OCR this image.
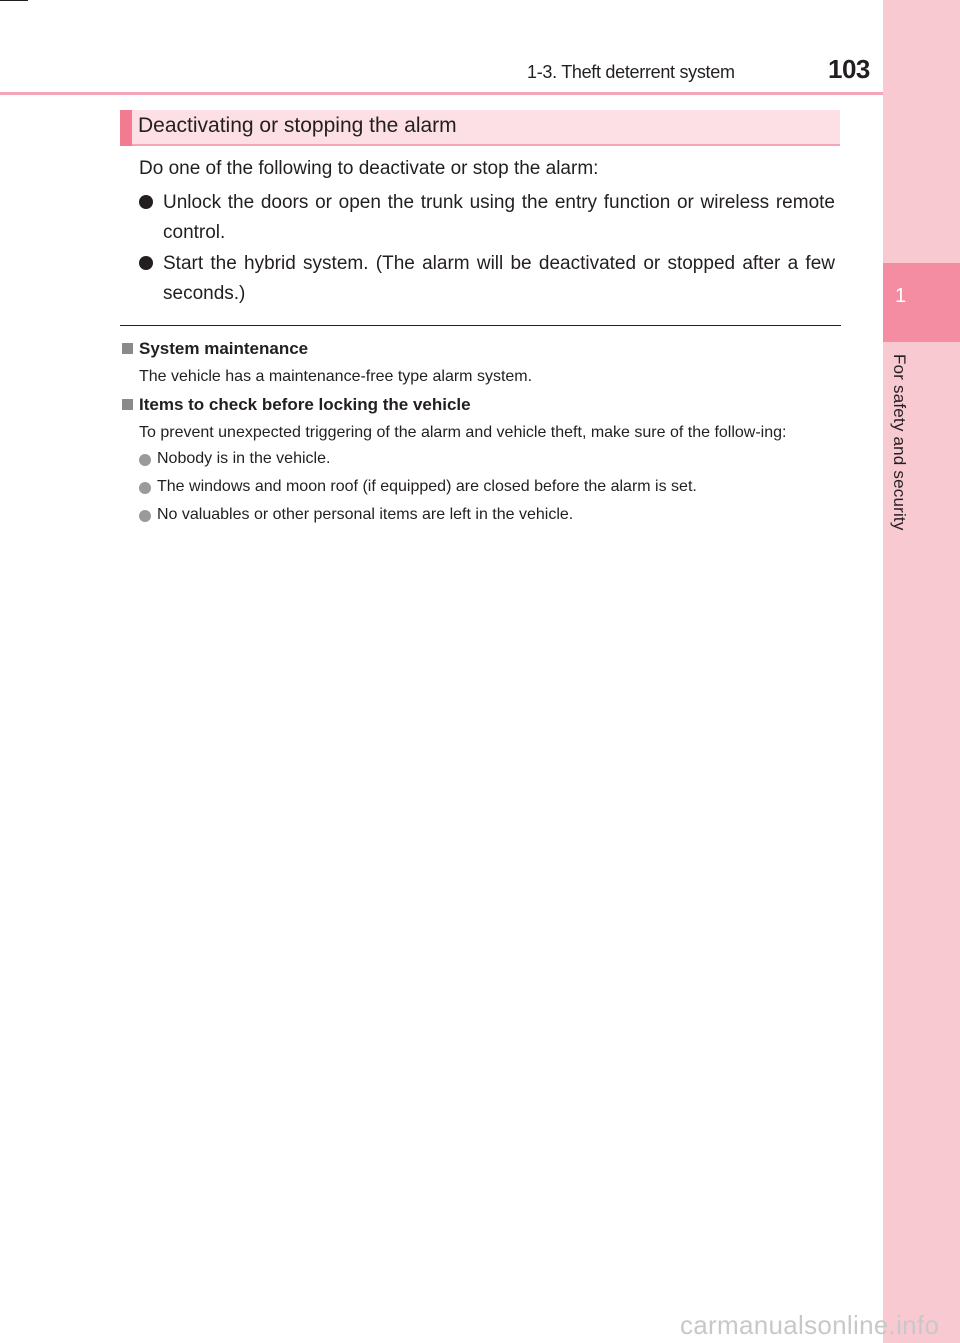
1-3. Theft deterrent system	103
1
For safety and security
Deactivating or stopping the alarm
Do one of the following to deactivate or stop the alarm:
Unlock the doors or open the trunk using the entry function or wireless remote control.
Start the hybrid system. (The alarm will be deactivated or stopped after a few seconds.)
System maintenance
The vehicle has a maintenance-free type alarm system.
Items to check before locking the vehicle
To prevent unexpected triggering of the alarm and vehicle theft, make sure of the follow-ing:
Nobody is in the vehicle.
The windows and moon roof (if equipped) are closed before the alarm is set.
No valuables or other personal items are left in the vehicle.
carmanualsonline.info
